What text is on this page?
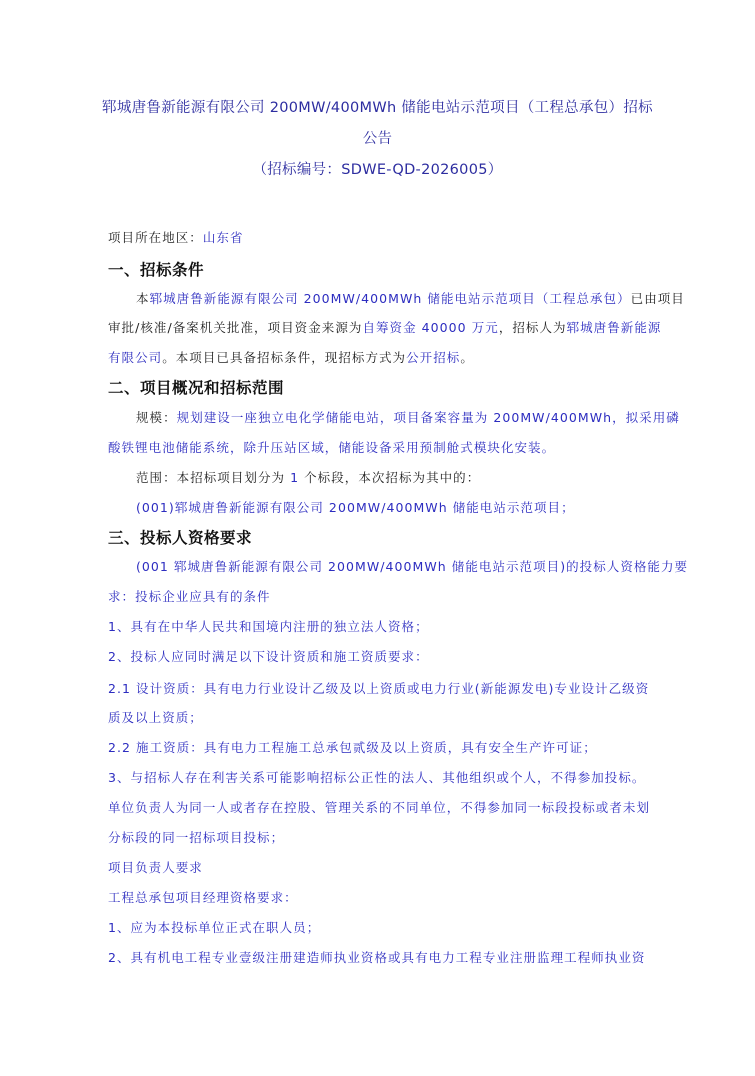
郓城唐鲁新能源有限公司 200MW/400MWh 储能电站示范项目（工程总承包）招标
公告
（招标编号：SDWE-QD-2026005）
项目所在地区：山东省
一、招标条件
本郓城唐鲁新能源有限公司 200MW/400MWh 储能电站示范项目（工程总承包）已由项目
审批/核准/备案机关批准，项目资金来源为自筹资金 40000 万元，招标人为郓城唐鲁新能源
有限公司。本项目已具备招标条件，现招标方式为公开招标。
二、项目概况和招标范围
规模：规划建设一座独立电化学储能电站，项目备案容量为 200MW/400MWh，拟采用磷
酸铁锂电池储能系统，除升压站区域，储能设备采用预制舱式模块化安装。
范围：本招标项目划分为 1 个标段，本次招标为其中的：
(001)郓城唐鲁新能源有限公司 200MW/400MWh 储能电站示范项目；
三、投标人资格要求
(001 郓城唐鲁新能源有限公司 200MW/400MWh 储能电站示范项目)的投标人资格能力要
求：投标企业应具有的条件
1、具有在中华人民共和国境内注册的独立法人资格；
2、投标人应同时满足以下设计资质和施工资质要求：
2.1 设计资质：具有电力行业设计乙级及以上资质或电力行业(新能源发电)专业设计乙级资
质及以上资质；
2.2 施工资质：具有电力工程施工总承包贰级及以上资质，具有安全生产许可证；
3、与招标人存在利害关系可能影响招标公正性的法人、其他组织或个人，不得参加投标。
单位负责人为同一人或者存在控股、管理关系的不同单位，不得参加同一标段投标或者未划
分标段的同一招标项目投标；
项目负责人要求
工程总承包项目经理资格要求：
1、应为本投标单位正式在职人员；
2、具有机电工程专业壹级注册建造师执业资格或具有电力工程专业注册监理工程师执业资
